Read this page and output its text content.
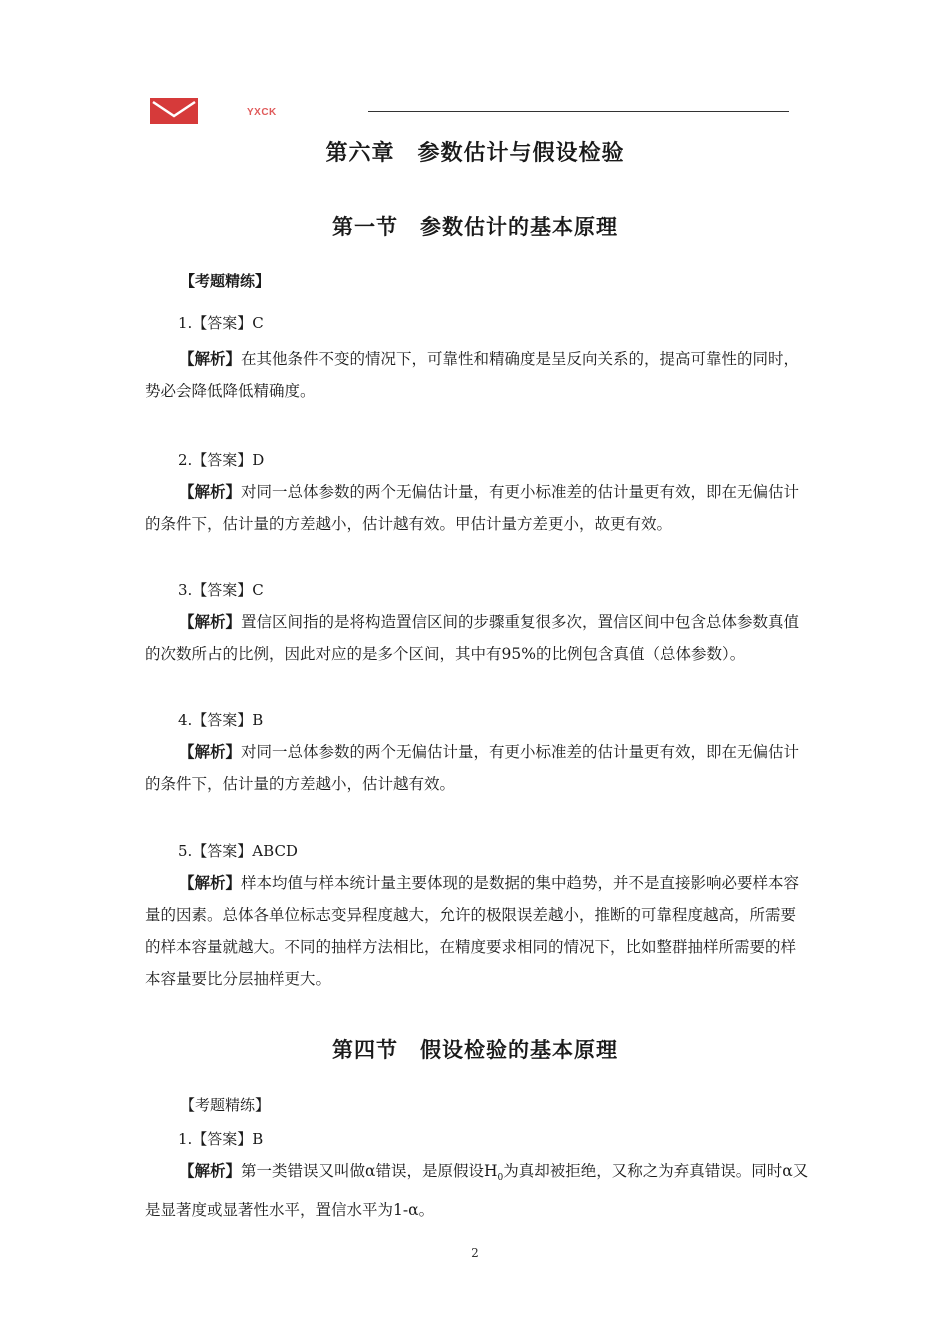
YXCK
第六章　参数估计与假设检验
第一节　参数估计的基本原理
【考题精练】
1.【答案】C
【解析】在其他条件不变的情况下，可靠性和精确度是呈反向关系的，提高可靠性的同时，势必会降低降低精确度。
2.【答案】D
【解析】对同一总体参数的两个无偏估计量，有更小标准差的估计量更有效，即在无偏估计的条件下，估计量的方差越小，估计越有效。甲估计量方差更小，故更有效。
3.【答案】C
【解析】置信区间指的是将构造置信区间的步骤重复很多次，置信区间中包含总体参数真值的次数所占的比例，因此对应的是多个区间，其中有95%的比例包含真值（总体参数）。
4.【答案】B
【解析】对同一总体参数的两个无偏估计量，有更小标准差的估计量更有效，即在无偏估计的条件下，估计量的方差越小，估计越有效。
5.【答案】ABCD
【解析】样本均值与样本统计量主要体现的是数据的集中趋势，并不是直接影响必要样本容量的因素。总体各单位标志变异程度越大，允许的极限误差越小，推断的可靠程度越高，所需要的样本容量就越大。不同的抽样方法相比，在精度要求相同的情况下，比如整群抽样所需要的样本容量要比分层抽样更大。
第四节　假设检验的基本原理
【考题精练】
1.【答案】B
【解析】第一类错误又叫做α错误，是原假设$H_0$为真却被拒绝，又称之为弃真错误。同时α又是显著度或显著性水平，置信水平为1-α。
2
